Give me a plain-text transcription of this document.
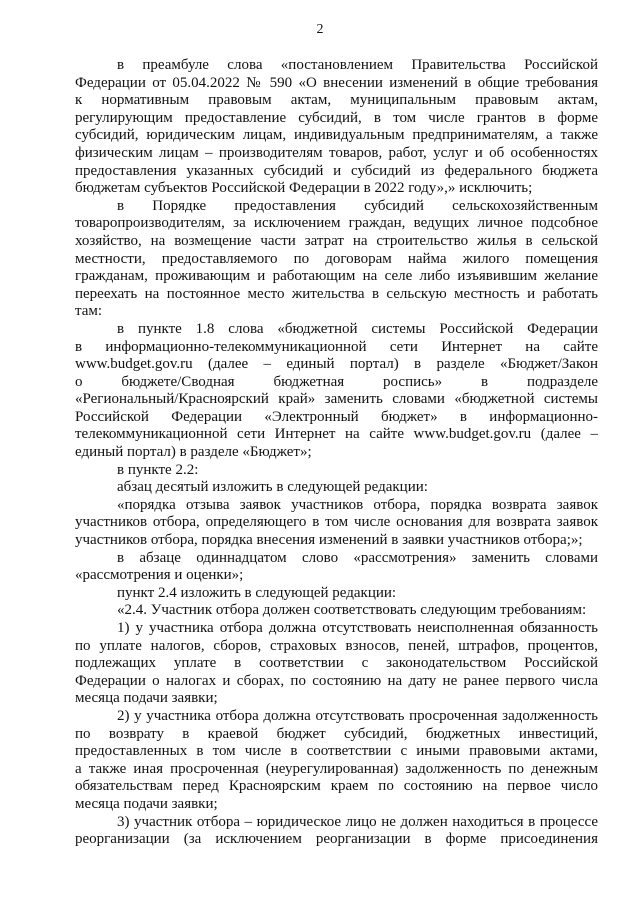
2
в преамбуле слова «постановлением Правительства Российской
Федерации от 05.04.2022 № 590 «О внесении изменений в общие требования
к нормативным правовым актам, муниципальным правовым актам,
регулирующим предоставление субсидий, в том числе грантов в форме
субсидий, юридическим лицам, индивидуальным предпринимателям, а также
физическим лицам – производителям товаров, работ, услуг и об особенностях
предоставления указанных субсидий и субсидий из федерального бюджета
бюджетам субъектов Российской Федерации в 2022 году»,» исключить;
в Порядке предоставления субсидий сельскохозяйственным
товаропроизводителям, за исключением граждан, ведущих личное подсобное
хозяйство, на возмещение части затрат на строительство жилья в сельской
местности, предоставляемого по договорам найма жилого помещения
гражданам, проживающим и работающим на селе либо изъявившим желание
переехать на постоянное место жительства в сельскую местность и работать
там:
в пункте 1.8 слова «бюджетной системы Российской Федерации
в информационно-телекоммуникационной сети Интернет на сайте
www.budget.gov.ru (далее – единый портал) в разделе «Бюджет/Закон
о бюджете/Сводная бюджетная роспись» в подразделе
«Региональный/Красноярский край» заменить словами «бюджетной системы
Российской Федерации «Электронный бюджет» в информационно-
телекоммуникационной сети Интернет на сайте www.budget.gov.ru (далее –
единый портал) в разделе «Бюджет»;
в пункте 2.2:
абзац десятый изложить в следующей редакции:
«порядка отзыва заявок участников отбора, порядка возврата заявок
участников отбора, определяющего в том числе основания для возврата заявок
участников отбора, порядка внесения изменений в заявки участников отбора;»;
в абзаце одиннадцатом слово «рассмотрения» заменить словами
«рассмотрения и оценки»;
пункт 2.4 изложить в следующей редакции:
«2.4. Участник отбора должен соответствовать следующим требованиям:
1) у участника отбора должна отсутствовать неисполненная обязанность
по уплате налогов, сборов, страховых взносов, пеней, штрафов, процентов,
подлежащих уплате в соответствии с законодательством Российской
Федерации о налогах и сборах, по состоянию на дату не ранее первого числа
месяца подачи заявки;
2) у участника отбора должна отсутствовать просроченная задолженность
по возврату в краевой бюджет субсидий, бюджетных инвестиций,
предоставленных в том числе в соответствии с иными правовыми актами,
а также иная просроченная (неурегулированная) задолженность по денежным
обязательствам перед Красноярским краем по состоянию на первое число
месяца подачи заявки;
3) участник отбора – юридическое лицо не должен находиться в процессе
реорганизации (за исключением реорганизации в форме присоединения
